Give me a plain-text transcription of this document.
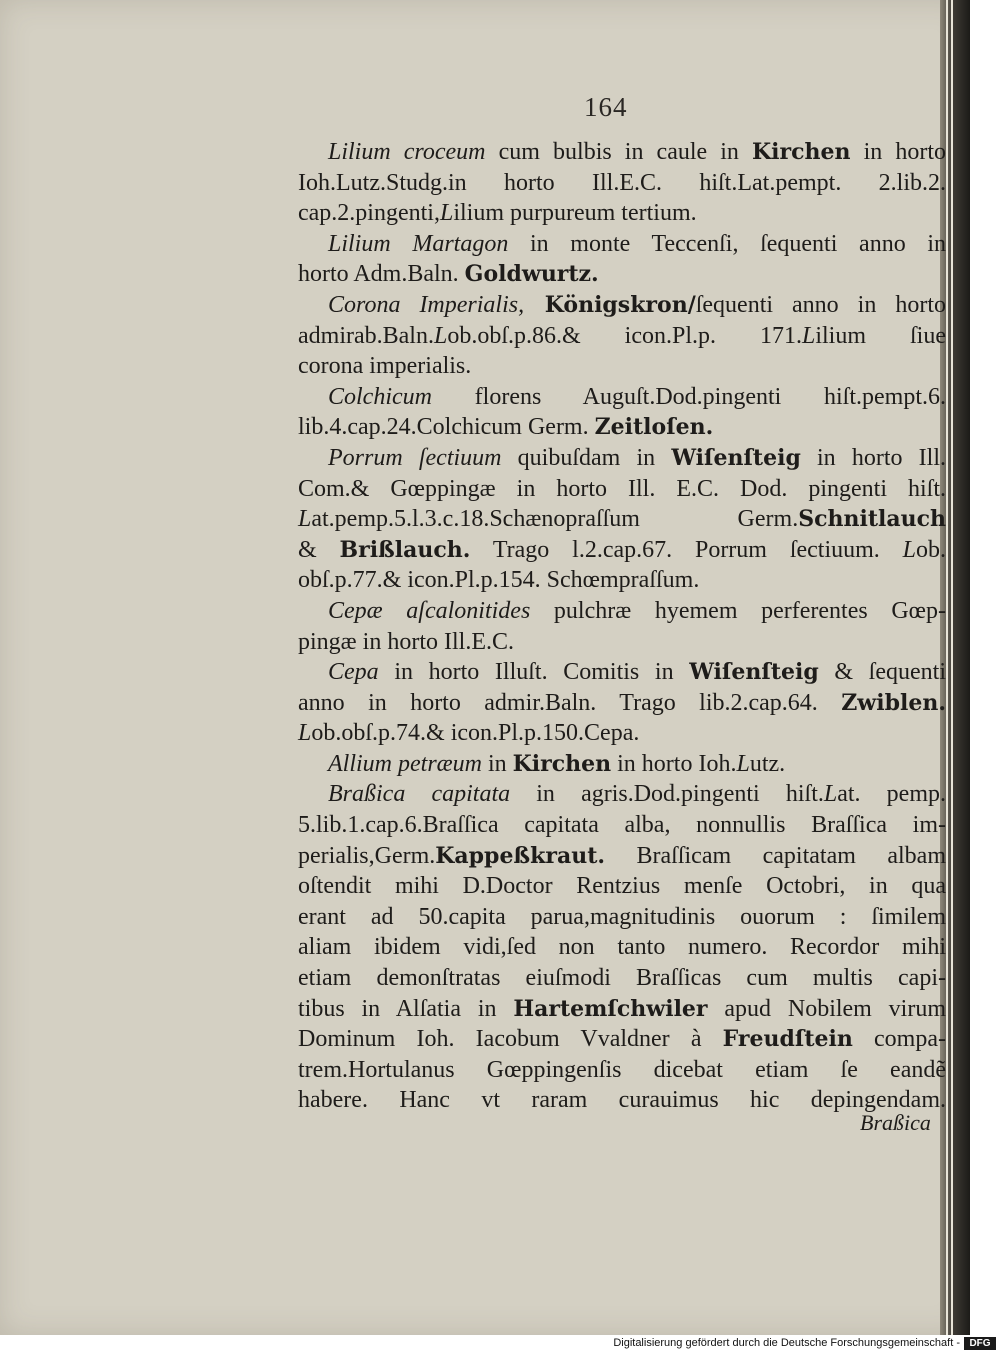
164
Lilium croceum cum bulbis in caule in Kirchen in horto
Ioh.Lutz.Studg.in horto Ill.E.C. hiſt.Lat.pempt. 2.lib.2.
cap.2.pingenti,Lilium purpureum tertium.
Lilium Martagon in monte Teccenſi, ſequenti anno in
horto Adm.Baln. Goldwurtz.
Corona Imperialis, Königskron/ſequenti anno in horto
admirab.Baln.Lob.obſ.p.86.& icon.Pl.p. 171.Lilium ſiue
corona imperialis.
Colchicum florens Auguſt.Dod.pingenti hiſt.pempt.6.
lib.4.cap.24.Colchicum Germ. Zeitloſen.
Porrum ſectiuum quibuſdam in Wiſenſteig in horto Ill.
Com.& Gœppingæ in horto Ill. E.C. Dod. pingenti hiſt.
Lat.pemp.5.l.3.c.18.Schænopraſſum Germ.Schnitlauch
& Brißlauch. Trago l.2.cap.67. Porrum ſectiuum. Lob.
obſ.p.77.& icon.Pl.p.154. Schœmpraſſum.
Cepæ aſcalonitides pulchræ hyemem perferentes Gœp-
pingæ in horto Ill.E.C.
Cepa in horto Illuſt. Comitis in Wiſenſteig & ſequenti
anno in horto admir.Baln. Trago lib.2.cap.64. Zwiblen.
Lob.obſ.p.74.& icon.Pl.p.150.Cepa.
Allium petræum in Kirchen in horto Ioh.Lutz.
Braßica capitata in agris.Dod.pingenti hiſt.Lat. pemp.
5.lib.1.cap.6.Braſſica capitata alba, nonnullis Braſſica im-
perialis,Germ.Kappeßkraut. Braſſicam capitatam albam
oſtendit mihi D.Doctor Rentzius menſe Octobri, in qua
erant ad 50.capita parua,magnitudinis ouorum : ſimilem
aliam ibidem vidi,ſed non tanto numero. Recordor mihi
etiam demonſtratas eiuſmodi Braſſicas cum multis capi-
tibus in Alſatia in Hartemſchwiler apud Nobilem virum
Dominum Ioh. Iacobum Vvaldner à Freudſtein compa-
trem.Hortulanus Gœppingenſis dicebat etiam ſe eandẽ
habere. Hanc vt raram curauimus hic depingendam.
Braßica
Digitalisierung gefördert durch die Deutsche Forschungsgemeinschaft - DFG
